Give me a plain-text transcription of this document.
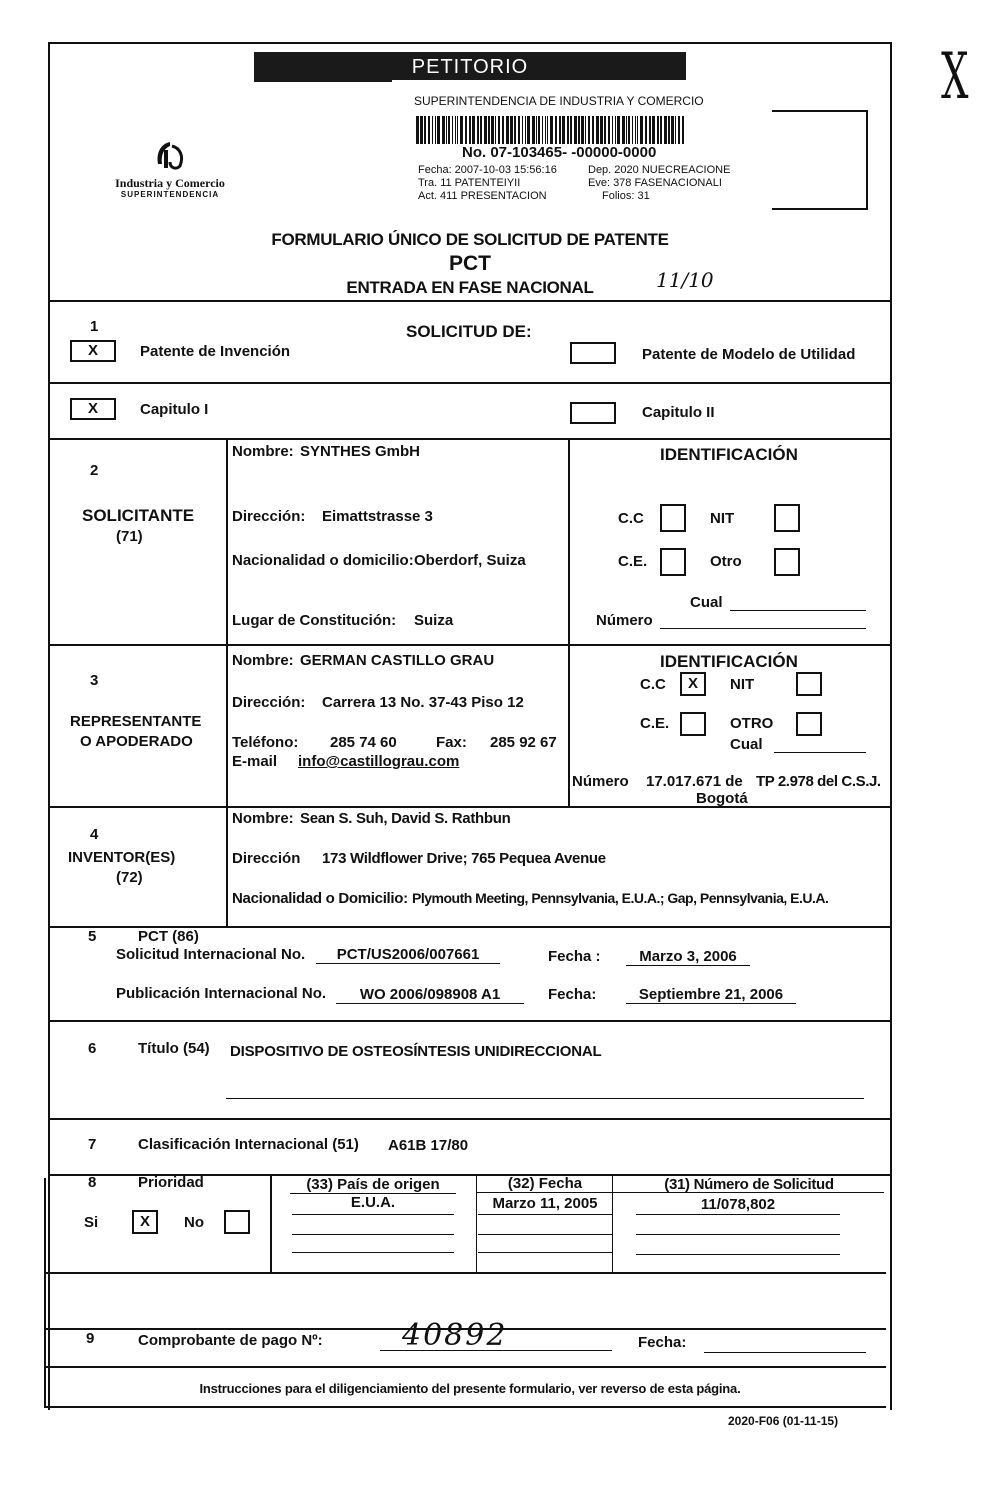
PETITORIO
SUPERINTENDENCIA DE INDUSTRIA Y COMERCIO
No. 07-103465- -00000-0000
Fecha: 2007-10-03 15:56:16	Dep. 2020 NUECREACIONE
Tra. 11 PATENTEIYII	Eve: 378 FASENACIONALI
Act. 411 PRESENTACION	Folios: 31
Industria y Comercio
SUPERINTENDENCIA
FORMULARIO ÚNICO DE SOLICITUD DE PATENTE
PCT
ENTRADA EN FASE NACIONAL	11/10
X
1	SOLICITUD DE:
X	Patente de Invención	Patente de Modelo de Utilidad
X	Capitulo I	Capitulo II
2
SOLICITANTE
(71)
Nombre: SYNTHES GmbH
Dirección: Eimattstrasse 3
Nacionalidad o domicilio: Oberdorf, Suiza
Lugar de Constitución: Suiza
IDENTIFICACIÓN
C.C	NIT
C.E.	Otro
Cual
Número
3
REPRESENTANTE
O APODERADO
Nombre: GERMAN CASTILLO GRAU
Dirección: Carrera 13 No. 37-43 Piso 12
Teléfono: 285 74 60	Fax: 285 92 67
E-mail info@castillograu.com
IDENTIFICACIÓN
C.C	X	NIT
C.E.	OTRO
Cual
Número 17.017.671 de TP 2.978 del C.S.J.
Bogotá
4
INVENTOR(ES)
(72)
Nombre: Sean S. Suh, David S. Rathbun
Dirección 173 Wildflower Drive; 765 Pequea Avenue
Nacionalidad o Domicilio: Plymouth Meeting, Pennsylvania, E.U.A.; Gap, Pennsylvania, E.U.A.
5	PCT (86)
Solicitud Internacional No.	PCT/US2006/007661	Fecha :	Marzo 3, 2006
Publicación Internacional No.	WO 2006/098908 A1	Fecha:	Septiembre 21, 2006
6	Título (54) DISPOSITIVO DE OSTEOSÍNTESIS UNIDIRECCIONAL
7	Clasificación Internacional (51) A61B 17/80
8	Prioridad
Si	X	No
(33) País de origen	(32) Fecha	(31) Número de Solicitud
E.U.A.	Marzo 11, 2005	11/078,802
9	Comprobante de pago Nº:	40892	Fecha:
Instrucciones para el diligenciamiento del presente formulario, ver reverso de esta página.
2020-F06 (01-11-15)
